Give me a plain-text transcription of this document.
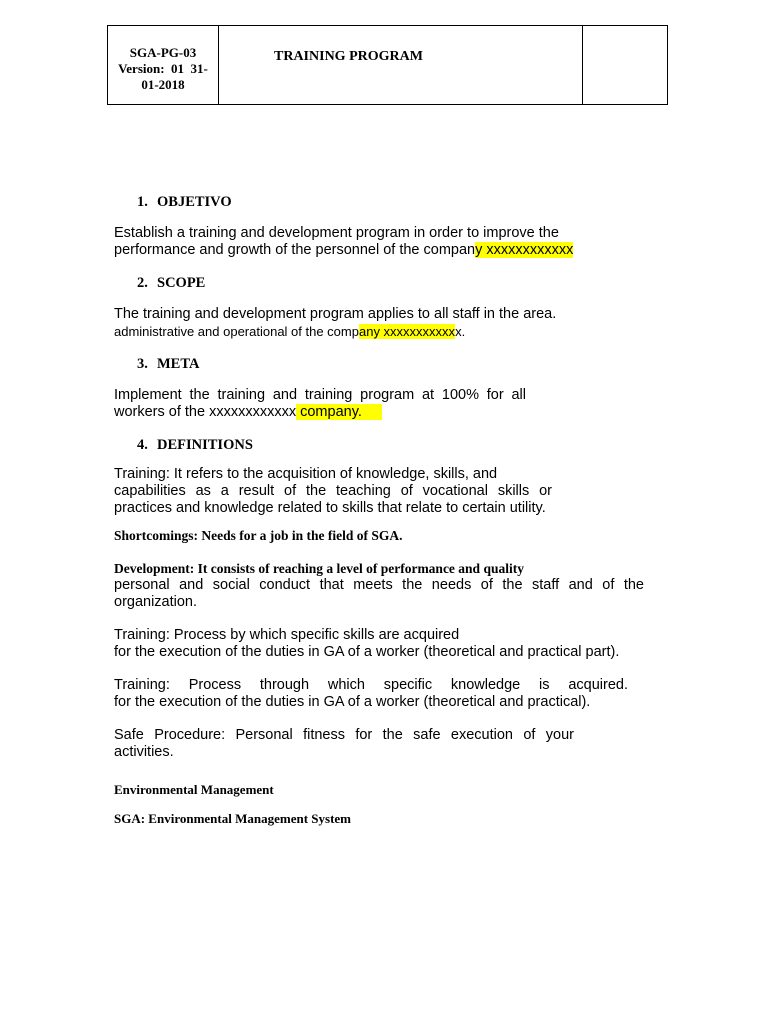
SGA-PG-03
Version:  01  31-
01-2018
TRAINING PROGRAM

1. OBJETIVO

Establish a training and development program in order to improve the
performance and growth of the personnel of the company xxxxxxxxxxxx

2. SCOPE

The training and development program applies to all staff in the area.
administrative and operational of the company xxxxxxxxxxxx.

3. META

Implement the training and training program at 100% for all
workers of the xxxxxxxxxxxx company.

4. DEFINITIONS

Training: It refers to the acquisition of knowledge, skills, and
capabilities as a result of the teaching of vocational skills or
practices and knowledge related to skills that relate to certain utility.

Shortcomings: Needs for a job in the field of SGA.

Development: It consists of reaching a level of performance and quality

personal and social conduct that meets the needs of the staff and of the
organization.

Training: Process by which specific skills are acquired
for the execution of the duties in GA of a worker (theoretical and practical part).

Training: Process through which specific knowledge is acquired.
for the execution of the duties in GA of a worker (theoretical and practical).

Safe Procedure: Personal fitness for the safe execution of your
activities.

Environmental Management

SGA: Environmental Management System
